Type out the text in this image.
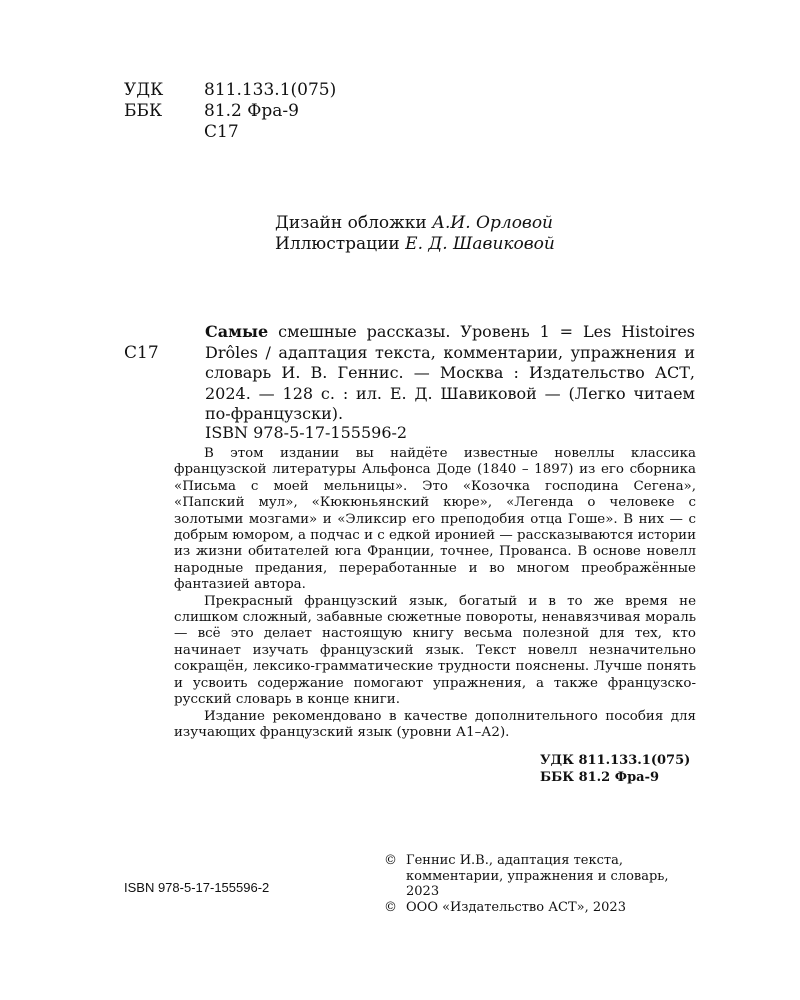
УДК	811.133.1(075)
ББК	81.2 Фра-9
С17
Дизайн обложки А.И. Орловой
Иллюстрации Е. Д. Шавиковой
С17
Самые смешные рассказы. Уровень 1 = Les Histoires Drôles / адаптация текста, комментарии, упражнения и словарь И. В. Геннис. — Москва : Издательство АСТ, 2024. — 128 с. : ил. Е. Д. Шавиковой — (Легко читаем по-французски).
ISBN 978-5-17-155596-2

В этом издании вы найдёте известные новеллы классика французской литературы Альфонса Доде (1840 – 1897) из его сборника «Письма с моей мельницы». Это «Козочка господина Сегена», «Папский мул», «Кюкюньянский кюре», «Легенда о человеке с золотыми мозгами» и «Эликсир его преподобия отца Гоше». В них — с добрым юмором, а подчас и с едкой иронией — рассказываются истории из жизни обитателей юга Франции, точнее, Прованса. В основе новелл народные предания, переработанные и во многом преображённые фантазией автора.

Прекрасный французский язык, богатый и в то же время не слишком сложный, забавные сюжетные повороты, ненавязчивая мораль — всё это делает настоящую книгу весьма полезной для тех, кто начинает изучать французский язык. Текст новелл незначительно сокращён, лексико-грамматические трудности пояснены. Лучше понять и усвоить содержание помогают упражнения, а также французско-русский словарь в конце книги.

Издание рекомендовано в качестве дополнительного пособия для изучающих французский язык (уровни А1–А2).

УДК 811.133.1(075)
ББК 81.2 Фра-9
ISBN 978-5-17-155596-2
© Геннис И.В., адаптация текста,
комментарии, упражнения и словарь, 2023
© ООО «Издательство АСТ», 2023
